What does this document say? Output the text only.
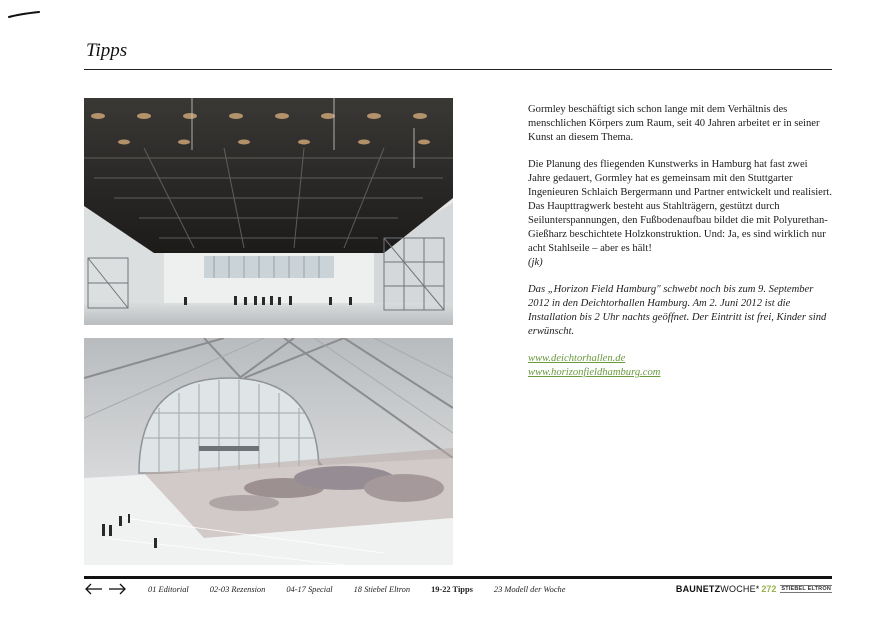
Tipps

Gormley beschäftigt sich schon lange mit dem Verhältnis des menschlichen Körpers zum Raum, seit 40 Jahren arbeitet er in seiner Kunst an diesem Thema.

Die Planung des fliegenden Kunstwerks in Hamburg hat fast zwei Jahre gedauert, Gormley hat es gemeinsam mit den Stuttgarter Ingenieuren Schlaich Bergermann und Partner entwickelt und realisiert. Das Haupttragwerk besteht aus Stahlträgern, gestützt durch Seilunterspannungen, den Fußbodenaufbau bildet die mit Polyurethan-Gießharz beschichtete Holzkonstruktion. Und: Ja, es sind wirklich nur acht Stahlseile – aber es hält!

(jk)

Das „Horizon Field Hamburg" schwebt noch bis zum 9. September 2012 in den Deichtorhallen Hamburg. Am 2. Juni 2012 ist die Installation bis 2 Uhr nachts geöffnet. Der Eintritt ist frei, Kinder sind erwünscht.

www.deichtorhallen.de
www.horizonfieldhamburg.com
01 Editorial	02-03 Rezension	04-17 Special	18 Stiebel Eltron	19-22 Tipps	23 Modell der Woche	BAUNETZ WOCHE * 272 STIEBEL ELTRON
